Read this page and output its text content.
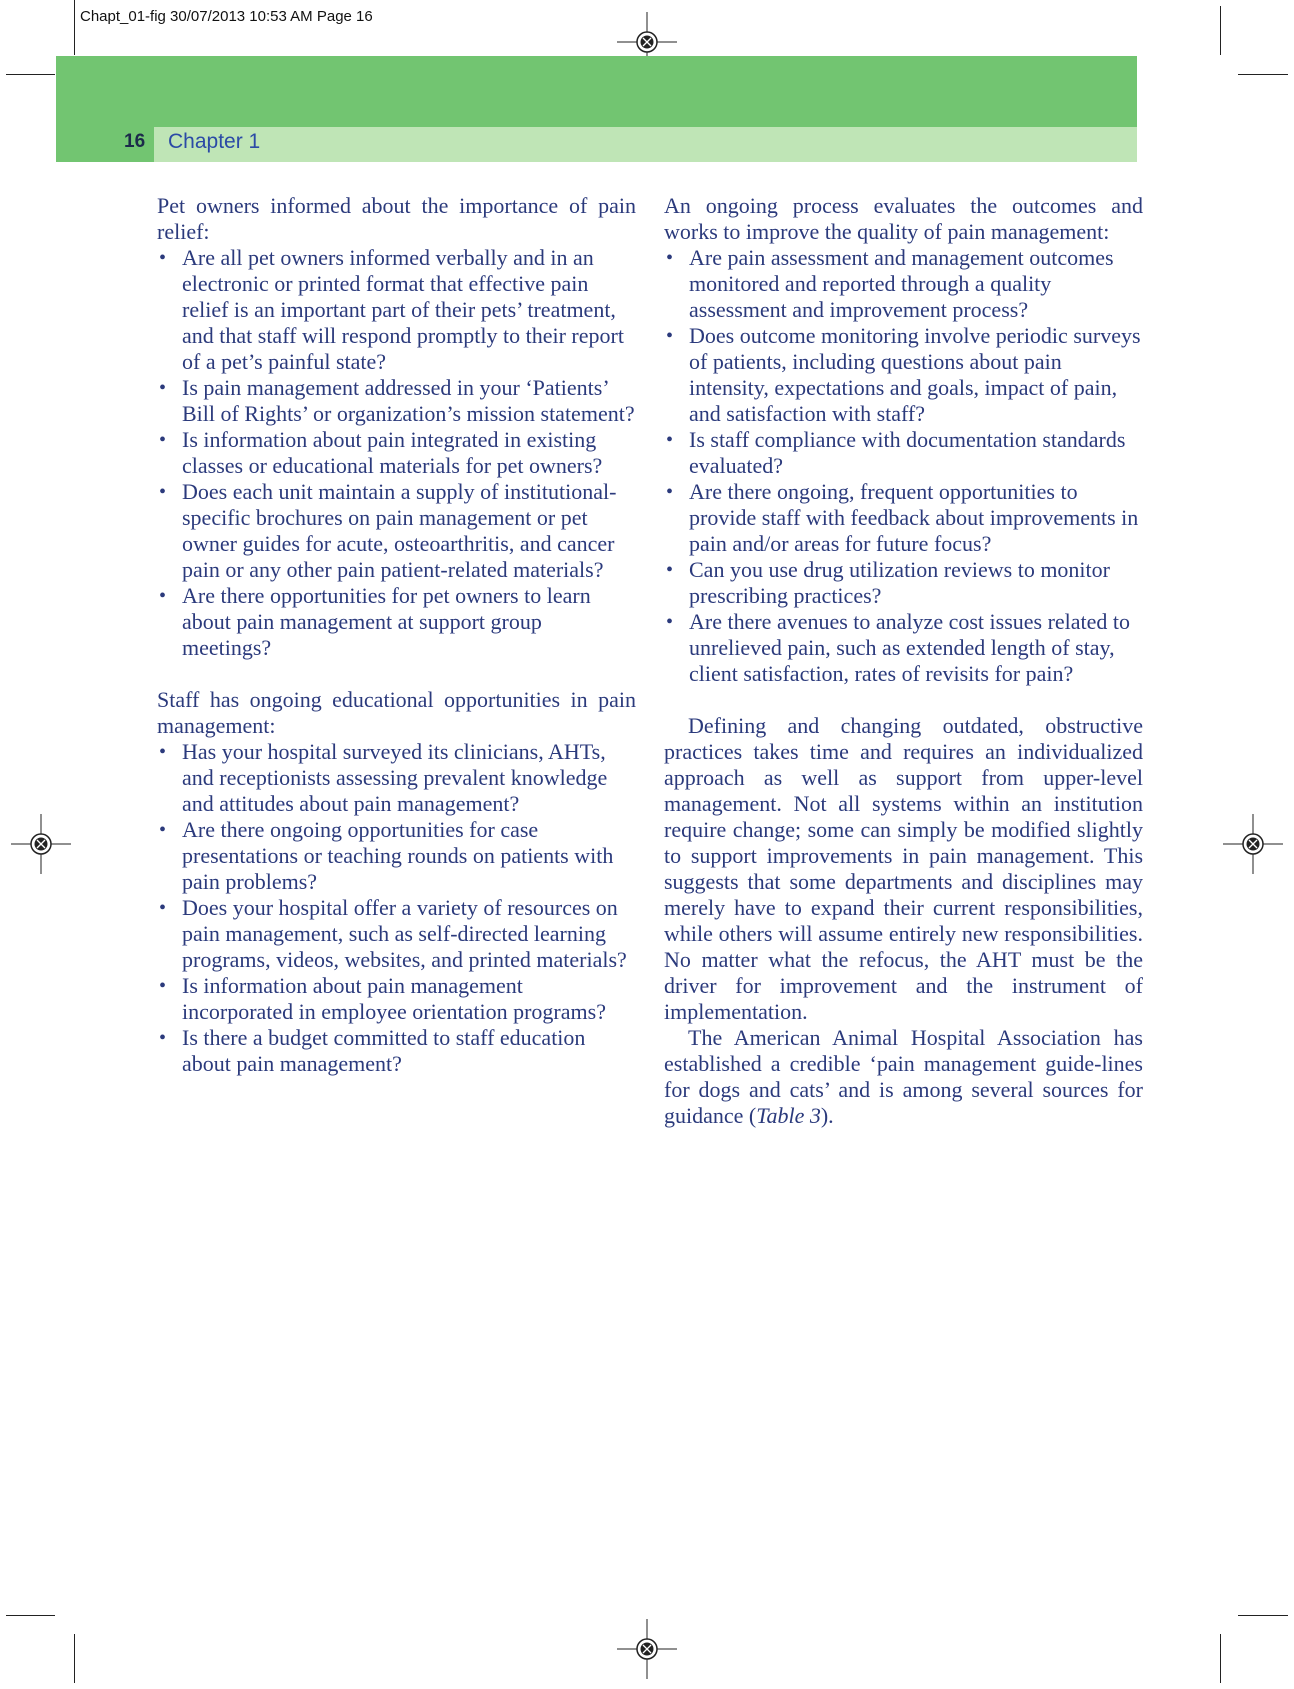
Chapt_01-fig 30/07/2013 10:53 AM Page 16
16 Chapter 1

Pet owners informed about the importance of pain relief:

• Are all pet owners informed verbally and in an electronic or printed format that effective pain relief is an important part of their pets’ treatment, and that staff will respond promptly to their report of a pet’s painful state?
• Is pain management addressed in your ‘Patients’ Bill of Rights’ or organization’s mission statement?
• Is information about pain integrated in existing classes or educational materials for pet owners?
• Does each unit maintain a supply of institutional-specific brochures on pain management or pet owner guides for acute, osteoarthritis, and cancer pain or any other pain patient-related materials?
• Are there opportunities for pet owners to learn about pain management at support group meetings?

Staff has ongoing educational opportunities in pain management:

• Has your hospital surveyed its clinicians, AHTs, and receptionists assessing prevalent knowledge and attitudes about pain management?
• Are there ongoing opportunities for case presentations or teaching rounds on patients with pain problems?
• Does your hospital offer a variety of resources on pain management, such as self-directed learning programs, videos, websites, and printed materials?
• Is information about pain management incorporated in employee orientation programs?
• Is there a budget committed to staff education about pain management?

An ongoing process evaluates the outcomes and works to improve the quality of pain management:

• Are pain assessment and management outcomes monitored and reported through a quality assessment and improvement process?
• Does outcome monitoring involve periodic surveys of patients, including questions about pain intensity, expectations and goals, impact of pain, and satisfaction with staff?
• Is staff compliance with documentation standards evaluated?
• Are there ongoing, frequent opportunities to provide staff with feedback about improvements in pain and/or areas for future focus?
• Can you use drug utilization reviews to monitor prescribing practices?
• Are there avenues to analyze cost issues related to unrelieved pain, such as extended length of stay, client satisfaction, rates of revisits for pain?

Defining and changing outdated, obstructive practices takes time and requires an individualized approach as well as support from upper-level management. Not all systems within an institution require change; some can simply be modified slightly to support improvements in pain management. This suggests that some departments and disciplines may merely have to expand their current responsibilities, while others will assume entirely new responsibilities. No matter what the refocus, the AHT must be the driver for improvement and the instrument of implementation.

The American Animal Hospital Association has established a credible ‘pain management guide-lines for dogs and cats’ and is among several sources for guidance (Table 3).
